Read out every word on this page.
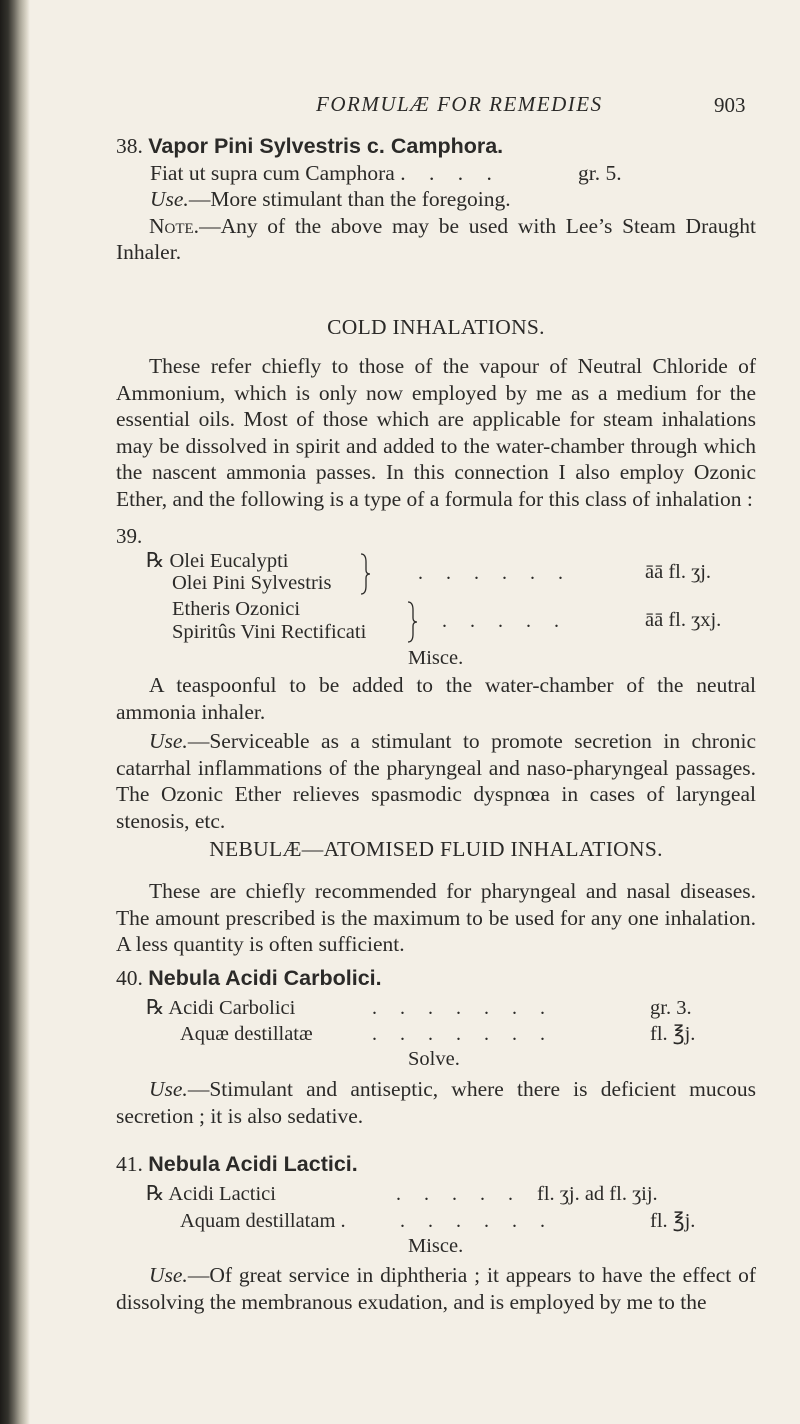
FORMULÆ FOR REMEDIES	903

38. Vapor Pini Sylvestris c. Camphora.

Fiat ut supra cum Camphora . . . .	gr. 5.

Use.—More stimulant than the foregoing.

Note.—Any of the above may be used with Lee’s Steam Draught Inhaler.

COLD INHALATIONS.

These refer chiefly to those of the vapour of Neutral Chloride of Ammonium, which is only now employed by me as a medium for the essential oils. Most of those which are applicable for steam inhalations may be dissolved in spirit and added to the water-chamber through which the nascent ammonia passes. In this connection I also employ Ozonic Ether, and the following is a type of a formula for this class of inhalation :

39.
℞ Olei Eucalypti
Olei Pini Sylvestris	. . . . . .	āā fl. ʒj.
Etheris Ozonici
Spiritûs Vini Rectificati	. . . . .	āā fl. ʒxj.
Misce.

A teaspoonful to be added to the water-chamber of the neutral ammonia inhaler.

Use.—Serviceable as a stimulant to promote secretion in chronic catarrhal inflammations of the pharyngeal and naso-pharyngeal passages. The Ozonic Ether relieves spasmodic dyspnœa in cases of laryngeal stenosis, etc.

NEBULÆ—ATOMISED FLUID INHALATIONS.

These are chiefly recommended for pharyngeal and nasal diseases. The amount prescribed is the maximum to be used for any one inhalation. A less quantity is often sufficient.

40. Nebula Acidi Carbolici.
℞ Acidi Carbolici	. . . . . . .	gr. 3.
Aquæ destillatæ	. . . . . . .	fl. ℥j.
Solve.

Use.—Stimulant and antiseptic, where there is deficient mucous secretion ; it is also sedative.

41. Nebula Acidi Lactici.
℞ Acidi Lactici	. . . . . fl. ʒj. ad fl. ʒij.
Aquam destillatam .	. . . . . .	fl. ℥j.
Misce.

Use.—Of great service in diphtheria ; it appears to have the effect of dissolving the membranous exudation, and is employed by me to the
